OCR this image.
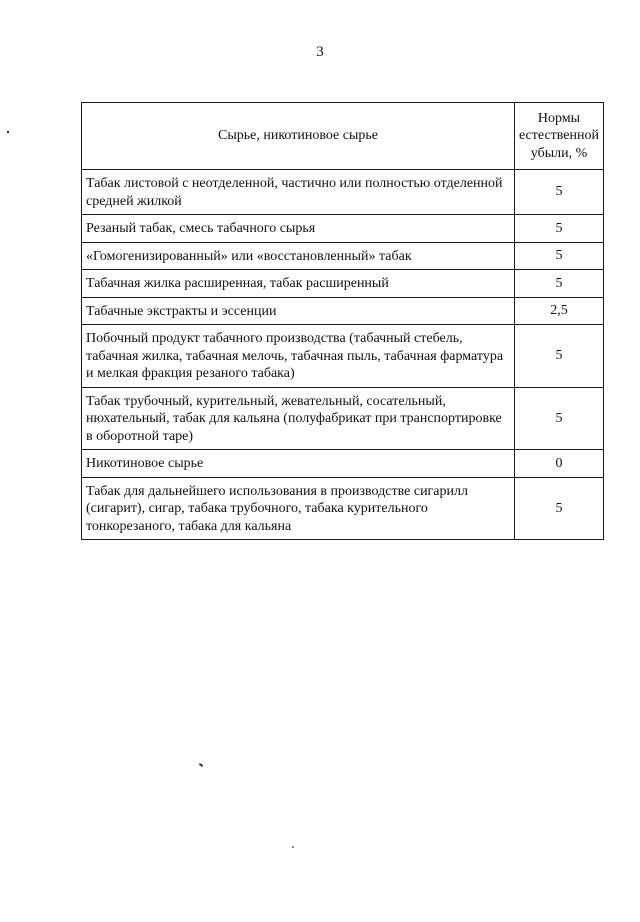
3
Сырье, никотиновое сырье	Нормы естественной убыли, %
Табак листовой с неотделенной, частично или полностью отделенной средней жилкой	5
Резаный табак, смесь табачного сырья	5
«Гомогенизированный» или «восстановленный» табак	5
Табачная жилка расширенная, табак расширенный	5
Табачные экстракты и эссенции	2,5
Побочный продукт табачного производства (табачный стебель, табачная жилка, табачная мелочь, табачная пыль, табачная фарматура и мелкая фракция резаного табака)	5
Табак трубочный, курительный, жевательный, сосательный, нюхательный, табак для кальяна (полуфабрикат при транспортировке в оборотной таре)	5
Никотиновое сырье	0
Табак для дальнейшего использования в производстве сигарилл (сигарит), сигар, табака трубочного, табака курительного тонкорезаного, табака для кальяна	5
